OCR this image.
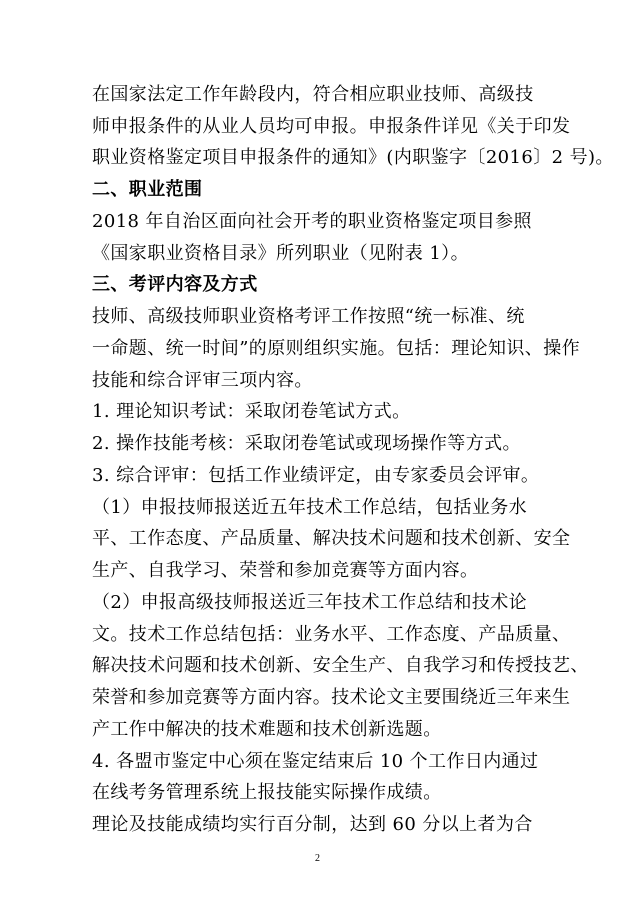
在国家法定工作年龄段内，符合相应职业技师、高级技
师申报条件的从业人员均可申报。申报条件详见《关于印发
职业资格鉴定项目申报条件的通知》(内职鉴字〔2016〕2 号)。
二、职业范围
2018 年自治区面向社会开考的职业资格鉴定项目参照
《国家职业资格目录》所列职业（见附表 1）。
三、考评内容及方式
技师、高级技师职业资格考评工作按照“统一标准、统
一命题、统一时间”的原则组织实施。包括：理论知识、操作
技能和综合评审三项内容。
1. 理论知识考试：采取闭卷笔试方式。
2. 操作技能考核：采取闭卷笔试或现场操作等方式。
3. 综合评审：包括工作业绩评定，由专家委员会评审。
（1）申报技师报送近五年技术工作总结，包括业务水
平、工作态度、产品质量、解决技术问题和技术创新、安全
生产、自我学习、荣誉和参加竞赛等方面内容。
（2）申报高级技师报送近三年技术工作总结和技术论
文。技术工作总结包括：业务水平、工作态度、产品质量、
解决技术问题和技术创新、安全生产、自我学习和传授技艺、
荣誉和参加竞赛等方面内容。技术论文主要围绕近三年来生
产工作中解决的技术难题和技术创新选题。
2
4. 各盟市鉴定中心须在鉴定结束后 10 个工作日内通过
在线考务管理系统上报技能实际操作成绩。
理论及技能成绩均实行百分制，达到 60 分以上者为合
